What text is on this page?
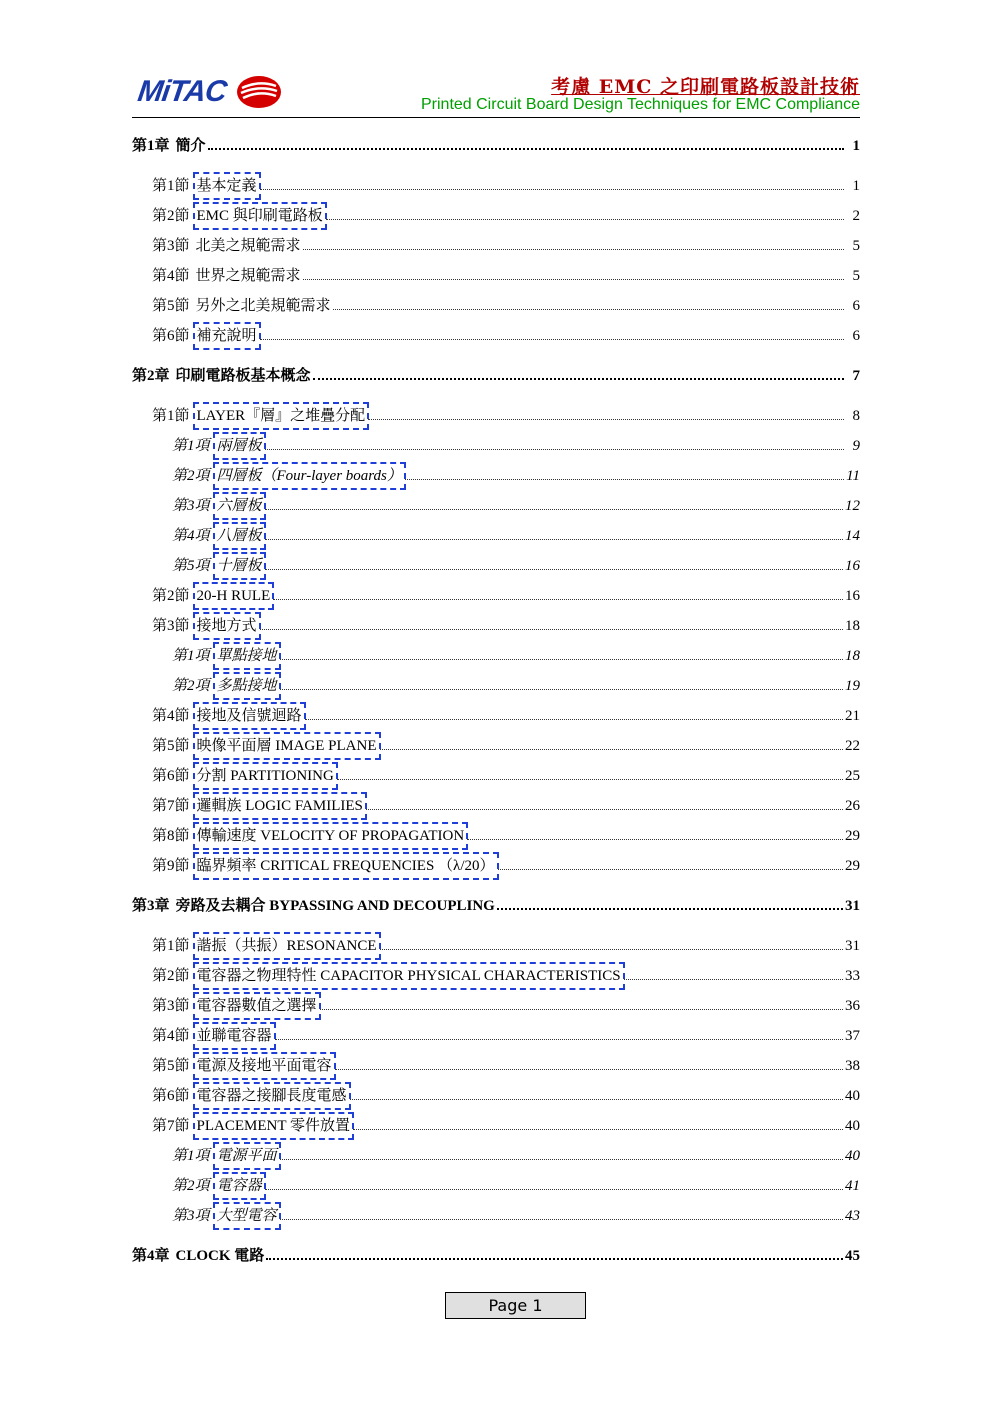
MiTAC	考慮 EMC 之印刷電路板設計技術
Printed Circuit Board Design Techniques for EMC Compliance
第1章 簡介	1
第1節 基本定義	1
第2節 EMC 與印刷電路板	2
第3節 北美之規範需求	5
第4節 世界之規範需求	5
第5節 另外之北美規範需求	6
第6節 補充說明	6
第2章 印刷電路板基本概念	7
第1節 LAYER『層』之堆疊分配	8
第1項 兩層板	9
第2項 四層板（Four-layer boards）	11
第3項 六層板	12
第4項 八層板	14
第5項 十層板	16
第2節 20-H RULE	16
第3節 接地方式	18
第1項 單點接地	18
第2項 多點接地	19
第4節 接地及信號迴路	21
第5節 映像平面層 IMAGE PLANE	22
第6節 分割 PARTITIONING	25
第7節 邏輯族 LOGIC FAMILIES	26
第8節 傳輸速度 VELOCITY OF PROPAGATION	29
第9節 臨界頻率 CRITICAL FREQUENCIES （λ/20）	29
第3章 旁路及去耦合 BYPASSING AND DECOUPLING	31
第1節 諧振（共振）RESONANCE	31
第2節 電容器之物理特性 CAPACITOR PHYSICAL CHARACTERISTICS	33
第3節 電容器數值之選擇	36
第4節 並聯電容器	37
第5節 電源及接地平面電容	38
第6節 電容器之接腳長度電感	40
第7節 PLACEMENT 零件放置	40
第1項 電源平面	40
第2項 電容器	41
第3項 大型電容	43
第4章 CLOCK 電路	45
Page 1
